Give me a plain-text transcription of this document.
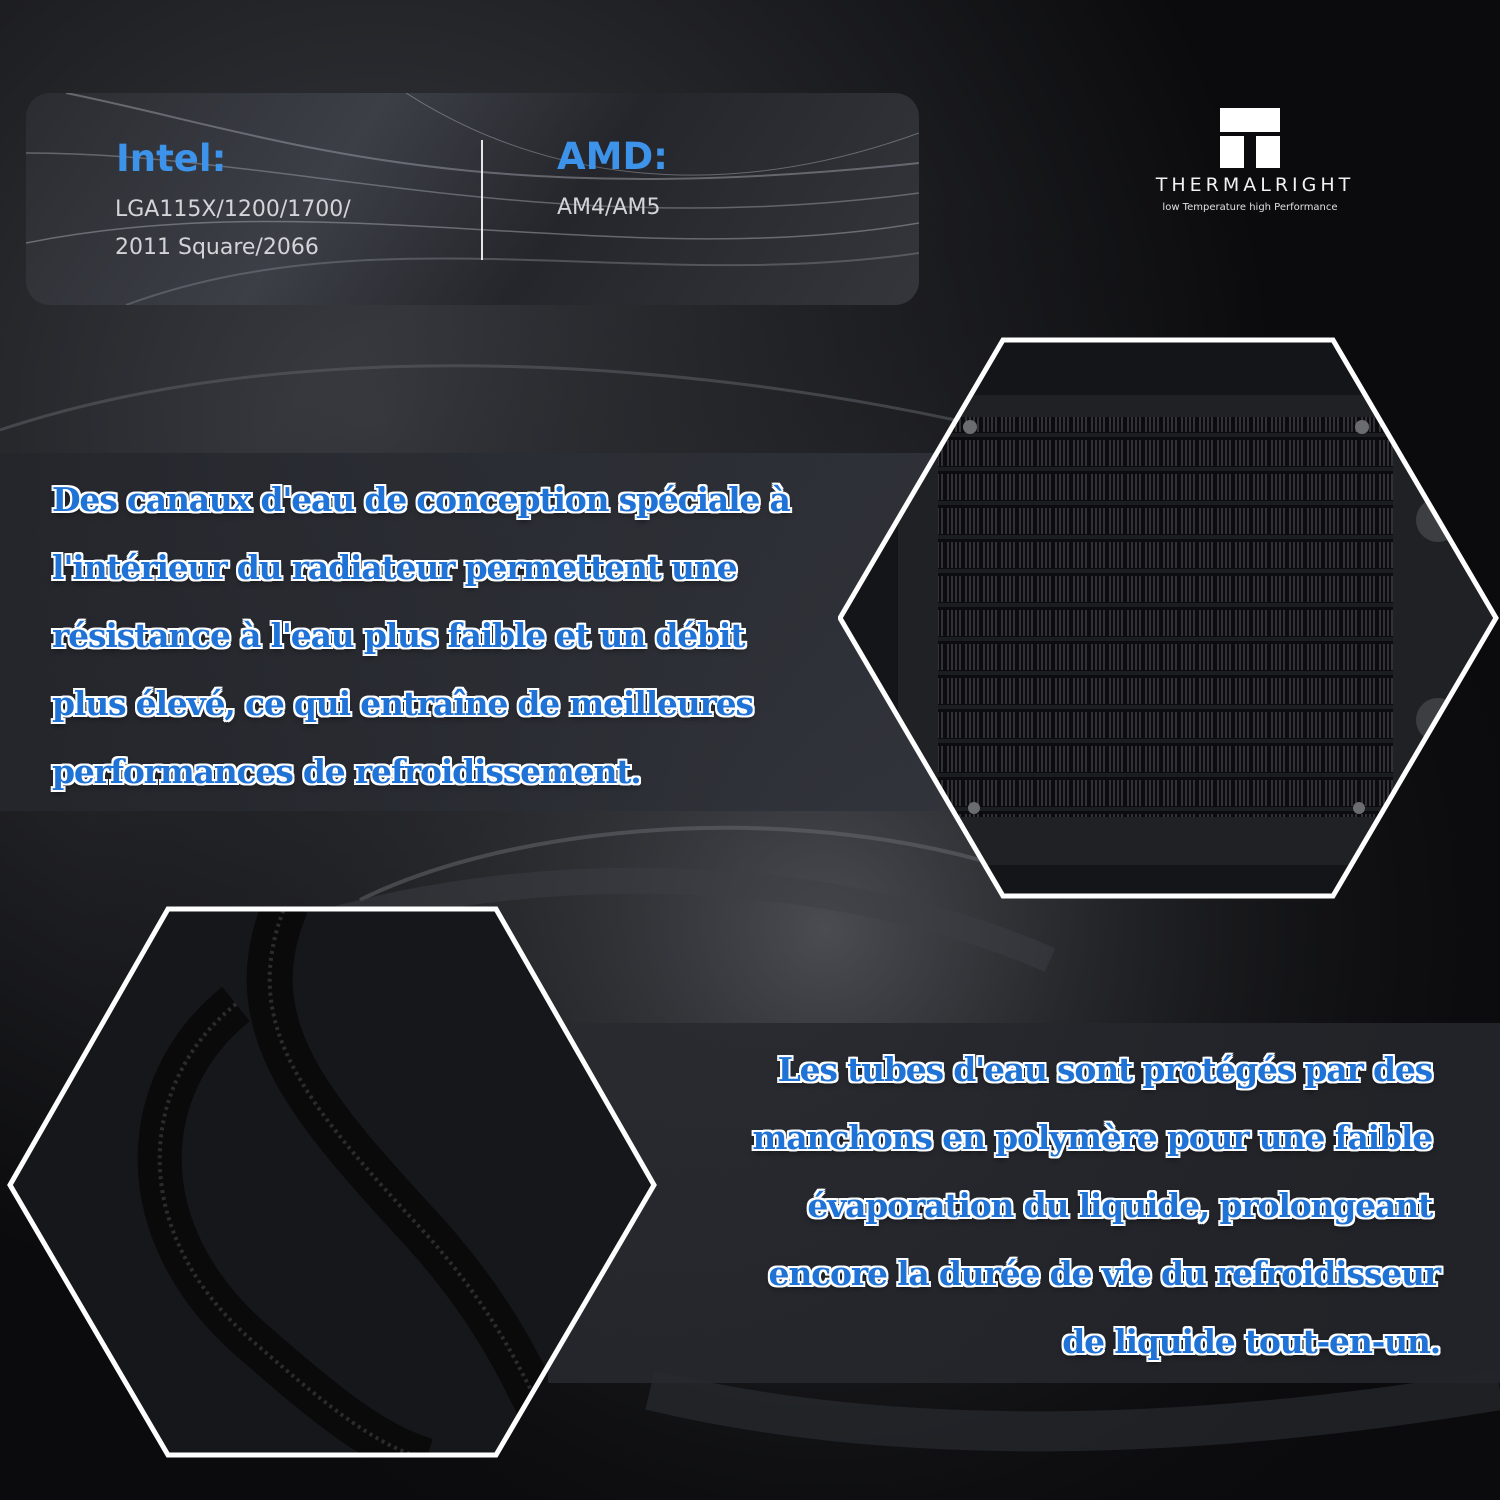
Intel:
LGA115X/1200/1700/
2011 Square/2066
AMD:
AM4/AM5
THERMALRIGHT
low Temperature high Performance
Des canaux d'eau de conception spéciale à
l'intérieur du radiateur permettent une
résistance à l'eau plus faible et un débit
plus élevé, ce qui entraîne de meilleures
performances de refroidissement.
Les tubes d'eau sont protégés par des
manchons en polymère pour une faible
évaporation du liquide, prolongeant
encore la durée de vie du refroidisseur
de liquide tout-en-un.
